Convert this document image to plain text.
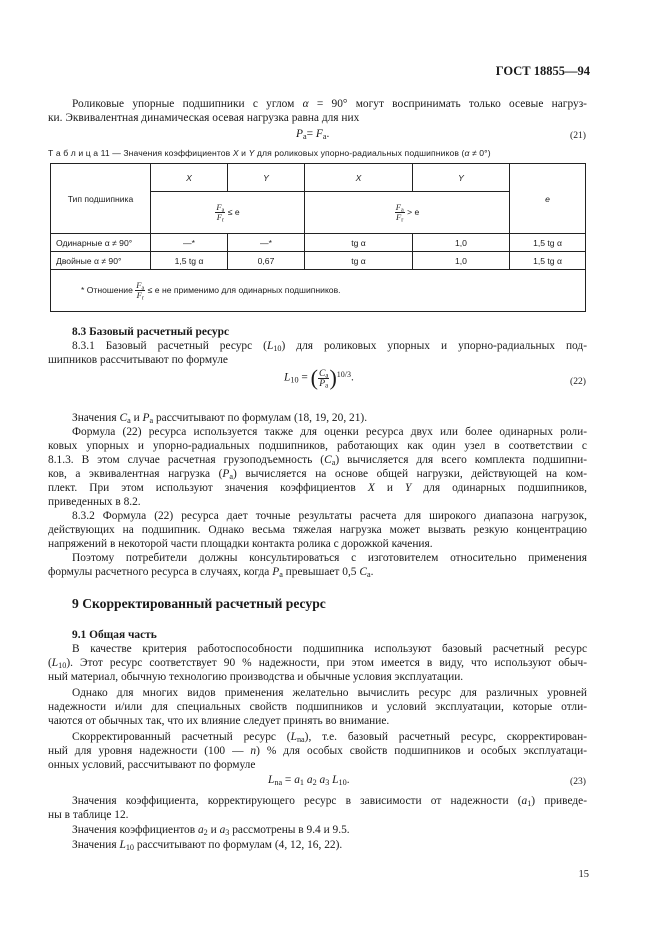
ГОСТ 18855—94
Роликовые упорные подшипники с углом α = 90° могут воспринимать только осевые нагруз-
ки. Эквивалентная динамическая осевая нагрузка равна для них
$P_a= F_a$.	(21)
Т а б л и ц а 11 — Значения коэффициентов X и Y для роликовых упорно-радиальных подшипников (α ≠ 0°)
Тип подшипника	X	Y	X	Y	e

	$\frac{F_a}{F_r} \le e$		$\frac{F_a}{F_r} > e$		
Одинарные α ≠ 90°	—*	—*	tg α	1,0	1,5 tg α
Двойные α ≠ 90°	1,5 tg α	0,67	tg α	1,0	1,5 tg α
* Отношение $\frac{F_a}{F_r} \le e$ не применимо для одинарных подшипников.					
8.3 Базовый расчетный ресурс
8.3.1 Базовый расчетный ресурс $(L_{10})$ для роликовых упорных и упорно-радиальных под-
шипников рассчитывают по формуле
$L_{10}$ = ( $\frac{C_a}{P_a} )^{10/3}$.	(22)
Значения $C_a$ и $P_a$ рассчитывают по формулам (18, 19, 20, 21).
Формула (22) ресурса используется также для оценки ресурса двух или более одинарных роли-
ковых упорных и упорно-радиальных подшипников, работающих как один узел в соответствии с
8.1.3. В этом случае расчетная грузоподъемность $(C_a)$ вычисляется для всего комплекта подшипни-
ков, а эквивалентная нагрузка $(P_a)$ вычисляется на основе общей нагрузки, действующей на ком-
плект. При этом используют значения коэффициентов X и Y для одинарных подшипников,
приведенных в 8.2.
8.3.2 Формула (22) ресурса дает точные результаты расчета для широкого диапазона нагрузок,
действующих на подшипник. Однако весьма тяжелая нагрузка может вызвать резкую концентрацию
напряжений в некоторой части площадки контакта ролика с дорожкой качения.
Поэтому потребители должны консультироваться с изготовителем относительно применения
формулы расчетного ресурса в случаях, когда $P_a$ превышает 0,5 $C_a$.
9 Скорректированный расчетный ресурс
9.1 Общая часть
В качестве критерия работоспособности подшипника используют базовый расчетный ресурс
$(L_{10})$. Этот ресурс соответствует 90 % надежности, при этом имеется в виду, что используют обыч-
ный материал, обычную технологию производства и обычные условия эксплуатации.
Однако для многих видов применения желательно вычислить ресурс для различных уровней
надежности и/или для специальных свойств подшипников и условий эксплуатации, которые отли-
чаются от обычных так, что их влияние следует принять во внимание.
Скорректированный расчетный ресурс $(L_{na})$, т.е. базовый расчетный ресурс, скорректирован-
ный для уровня надежности (100 — n) % для особых свойств подшипников и особых эксплуатаци-
онных условий, рассчитывают по формуле
$L_{na} = a_1$ $a_2$ $a_3$ $L_{10}$.	(23)
Значения коэффициента, корректирующего ресурс в зависимости от надежности $(a_1)$ приведе-
ны в таблице 12.
Значения коэффициентов $a_2$ и $a_3$ рассмотрены в 9.4 и 9.5.
Значения $L_{10}$ рассчитывают по формулам (4, 12, 16, 22).
15
